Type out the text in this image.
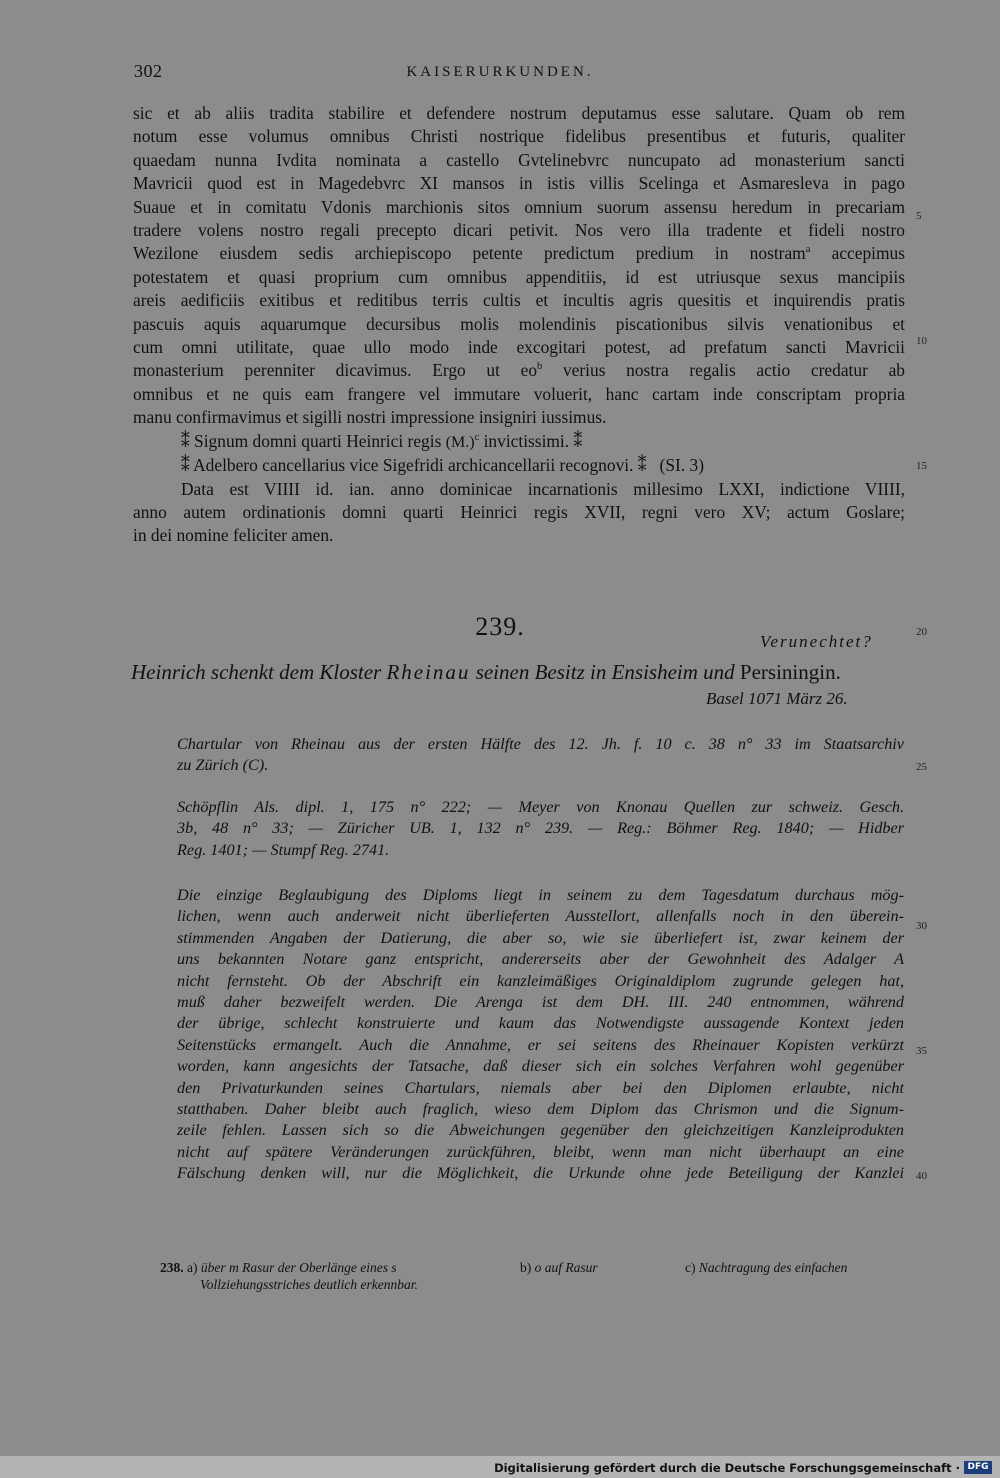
302	KAISERURKUNDEN.
sic et ab aliis tradita stabilire et defendere nostrum deputamus esse salutare. Quam ob rem
notum esse volumus omnibus Christi nostrique fidelibus presentibus et futuris, qualiter
quaedam nunna Ivdita nominata a castello Gvtelinebvrc nuncupato ad monasterium sancti
Mavricii quod est in Magedebvrc XI mansos in istis villis Scelinga et Asmaresleva in pago
Suaue et in comitatu Vdonis marchionis sitos omnium suorum assensu heredum in precariam
tradere volens nostro regali precepto dicari petivit. Nos vero illa tradente et fideli nostro
Wezilone eiusdem sedis archiepiscopo petente predictum predium in nostram$^a$ accepimus
potestatem et quasi proprium cum omnibus appenditiis, id est utriusque sexus mancipiis
areis aedificiis exitibus et reditibus terris cultis et incultis agris quesitis et inquirendis pratis
pascuis aquis aquarumque decursibus molis molendinis piscationibus silvis venationibus et
cum omni utilitate, quae ullo modo inde excogitari potest, ad prefatum sancti Mavricii
monasterium perenniter dicavimus. Ergo ut $eo^b$ verius nostra regalis actio credatur ab
omnibus et ne quis eam frangere vel immutare voluerit, hanc cartam inde conscriptam propria
manu confirmavimus et sigilli nostri impressione insigniri iussimus.
⁑ Signum domni quarti Heinrici regis $(M.)^c$ invictissimi. ⁑
⁑ Adelbero cancellarius vice Sigefridi archicancellarii recognovi. ⁑   (SI. 3)
Data est VIIII id. ian. anno dominicae incarnationis millesimo LXXI, indictione VIIII,
anno autem ordinationis domni quarti Heinrici regis XVII, regni vero XV; actum Goslare;
in dei nomine feliciter amen.
5
10
15
20
25
30
35
40
239.
Verunechtet?
Heinrich schenkt dem Kloster Rheinau seinen Besitz in Ensisheim und Persiningin.
Basel 1071 März 26.
Chartular von Rheinau aus der ersten Hälfte des 12. Jh. f. 10 c. 38 n° 33 im Staatsarchiv
zu Zürich (C).
Schöpflin Als. dipl. 1, 175 n° 222; — Meyer von Knonau Quellen zur schweiz. Gesch.
3b, 48 n° 33; — Züricher UB. 1, 132 n° 239. — Reg.: Böhmer Reg. 1840; — Hidber
Reg. 1401; — Stumpf Reg. 2741.
Die einzige Beglaubigung des Diploms liegt in seinem zu dem Tagesdatum durchaus mög-
lichen, wenn auch anderweit nicht überlieferten Ausstellort, allenfalls noch in den überein-
stimmenden Angaben der Datierung, die aber so, wie sie überliefert ist, zwar keinem der
uns bekannten Notare ganz entspricht, andererseits aber der Gewohnheit des Adalger A
nicht fernsteht. Ob der Abschrift ein kanzleimäßiges Originaldiplom zugrunde gelegen hat,
muß daher bezweifelt werden. Die Arenga ist dem DH. III. 240 entnommen, während
der übrige, schlecht konstruierte und kaum das Notwendigste aussagende Kontext jeden
Seitenstücks ermangelt. Auch die Annahme, er sei seitens des Rheinauer Kopisten verkürzt
worden, kann angesichts der Tatsache, daß dieser sich ein solches Verfahren wohl gegenüber
den Privaturkunden seines Chartulars, niemals aber bei den Diplomen erlaubte, nicht
statthaben. Daher bleibt auch fraglich, wieso dem Diplom das Chrismon und die Signum-
zeile fehlen. Lassen sich so die Abweichungen gegenüber den gleichzeitigen Kanzleiprodukten
nicht auf spätere Veränderungen zurückführen, bleibt, wenn man nicht überhaupt an eine
Fälschung denken will, nur die Möglichkeit, die Urkunde ohne jede Beteiligung der Kanzlei
238. a) über m Rasur der Oberlänge eines s	b) o auf Rasur	c) Nachtragung des einfachen
Vollziehungsstriches deutlich erkennbar.
Digitalisierung gefördert durch die Deutsche Forschungsgemeinschaft · DFG
